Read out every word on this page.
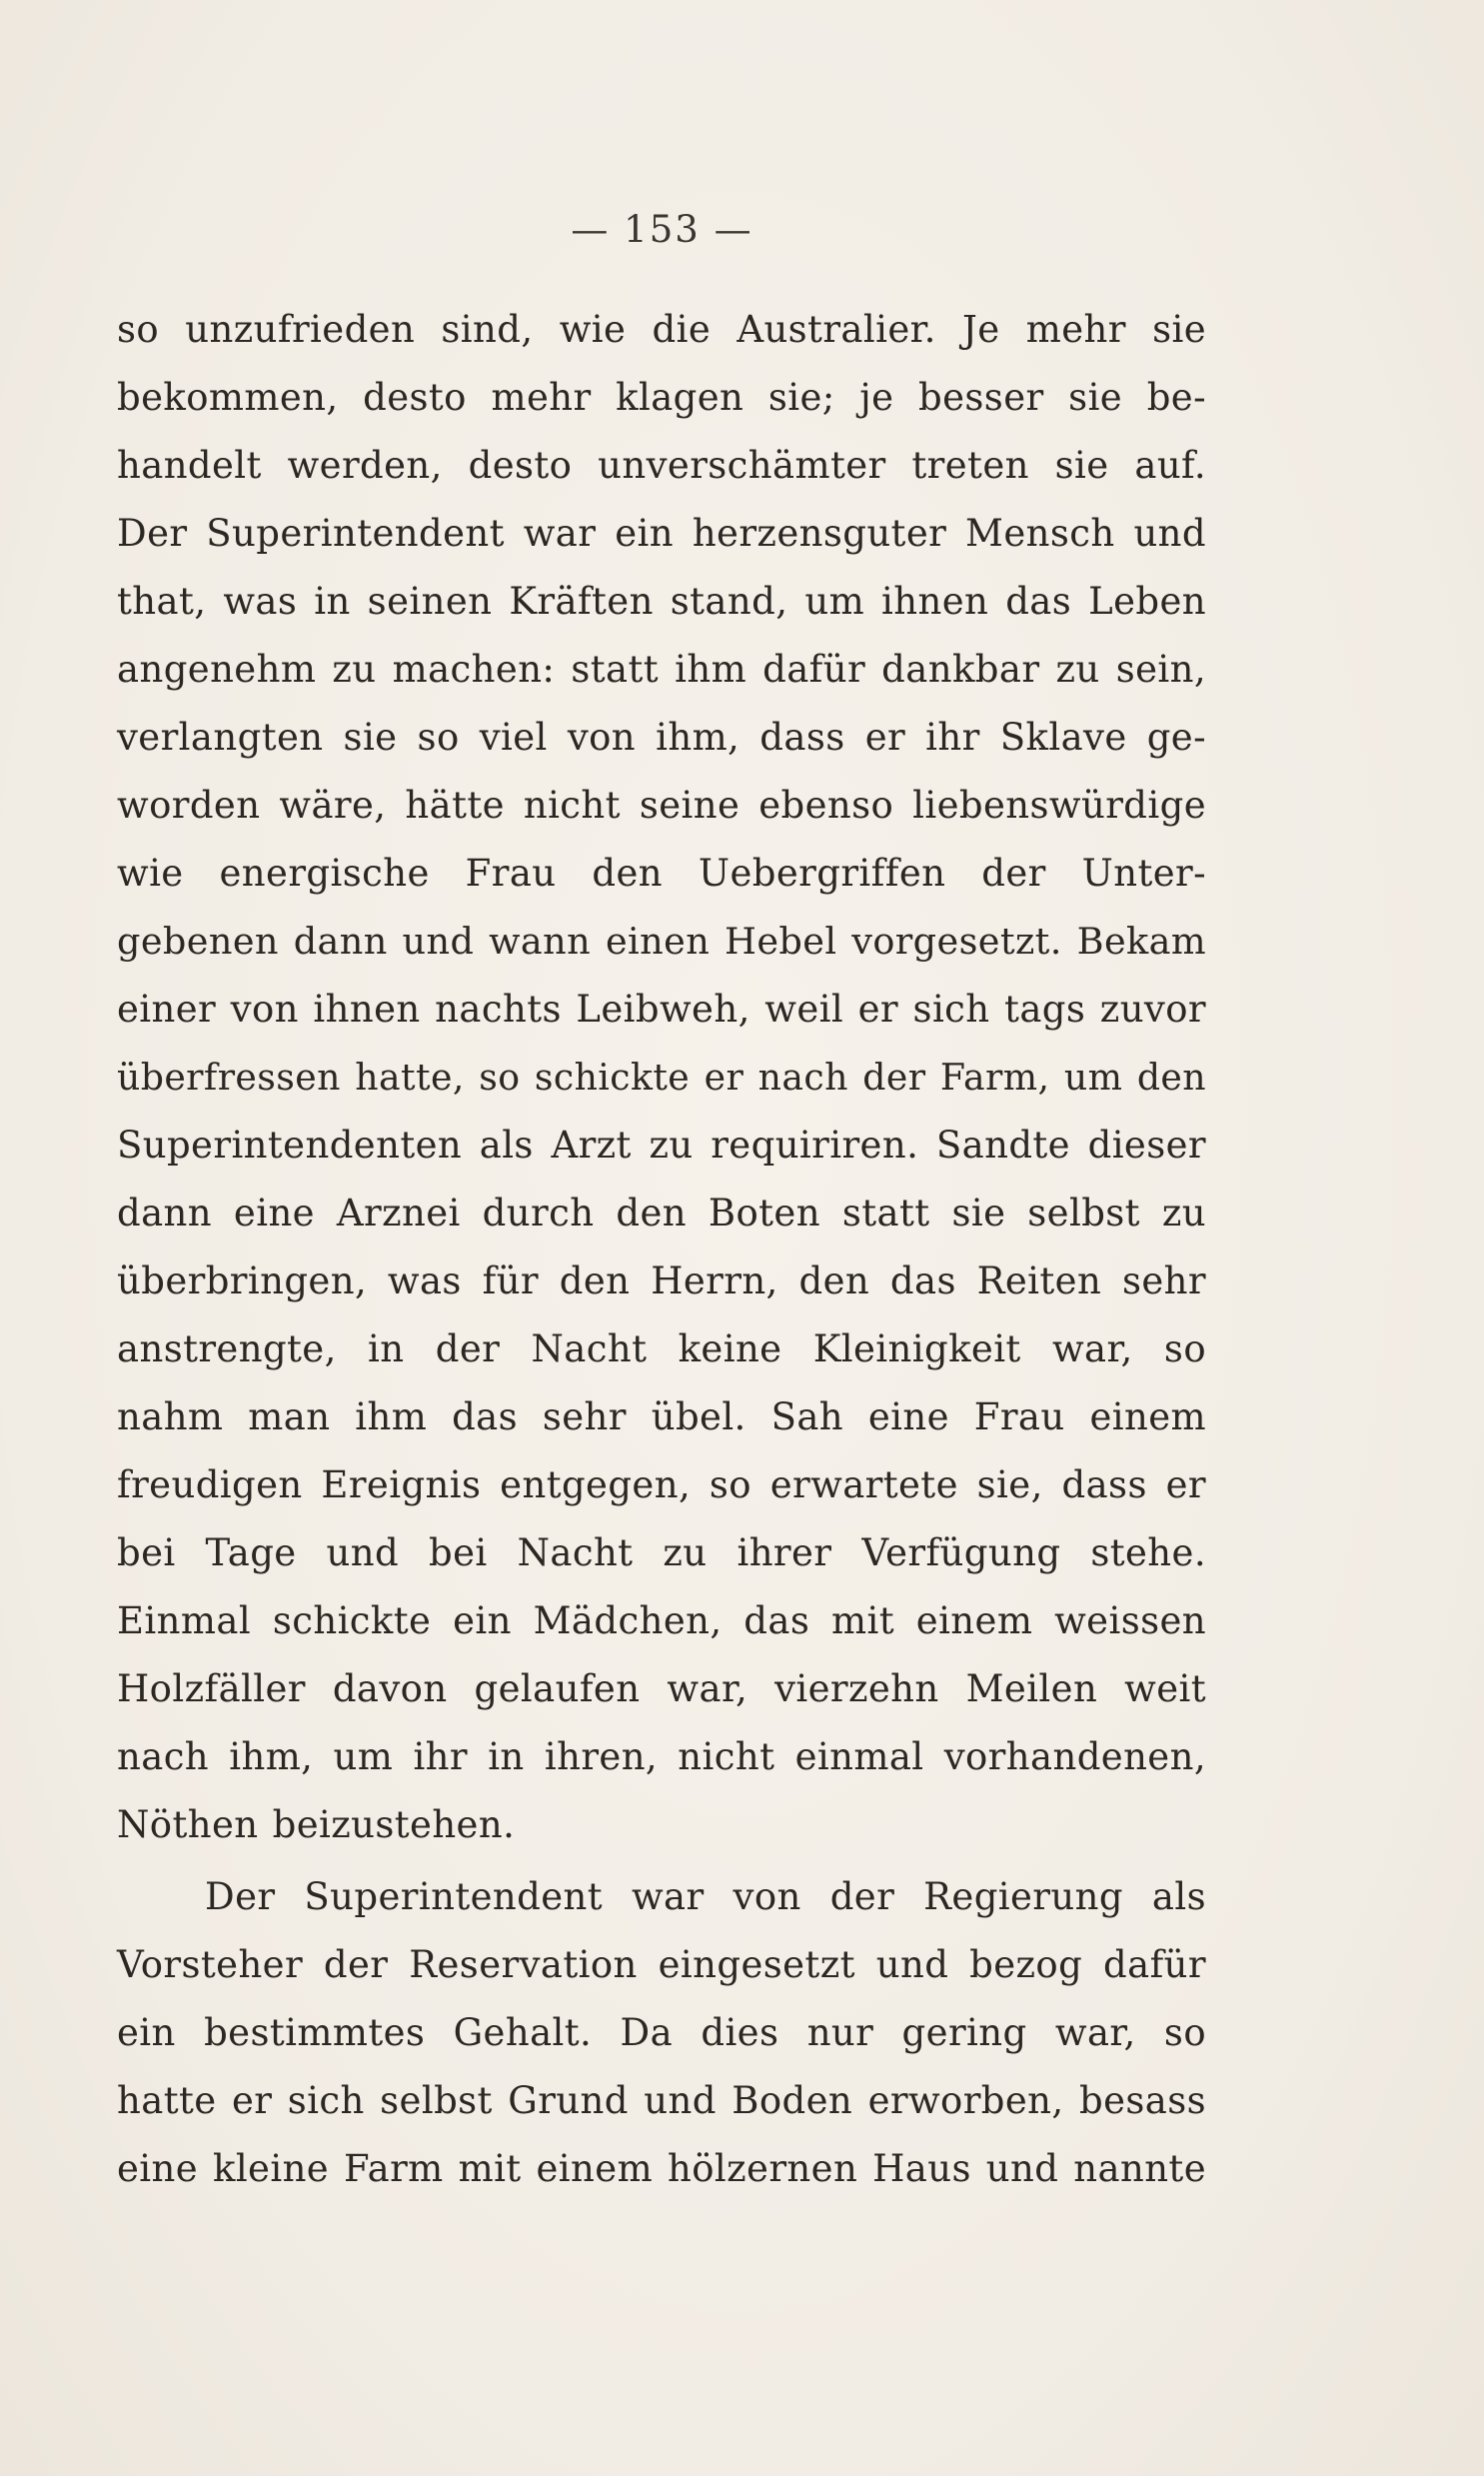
— 153 —
so unzufrieden sind, wie die Australier. Je mehr sie
bekommen, desto mehr klagen sie; je besser sie be-
handelt werden, desto unverschämter treten sie auf.
Der Superintendent war ein herzensguter Mensch und
that, was in seinen Kräften stand, um ihnen das Leben
angenehm zu machen: statt ihm dafür dankbar zu sein,
verlangten sie so viel von ihm, dass er ihr Sklave ge-
worden wäre, hätte nicht seine ebenso liebenswürdige
wie energische Frau den Uebergriffen der Unter-
gebenen dann und wann einen Hebel vorgesetzt. Bekam
einer von ihnen nachts Leibweh, weil er sich tags zuvor
überfressen hatte, so schickte er nach der Farm, um den
Superintendenten als Arzt zu requiriren. Sandte dieser
dann eine Arznei durch den Boten statt sie selbst zu
überbringen, was für den Herrn, den das Reiten sehr
anstrengte, in der Nacht keine Kleinigkeit war, so
nahm man ihm das sehr übel. Sah eine Frau einem
freudigen Ereignis entgegen, so erwartete sie, dass er
bei Tage und bei Nacht zu ihrer Verfügung stehe.
Einmal schickte ein Mädchen, das mit einem weissen
Holzfäller davon gelaufen war, vierzehn Meilen weit
nach ihm, um ihr in ihren, nicht einmal vorhandenen,
Nöthen beizustehen.
Der Superintendent war von der Regierung als
Vorsteher der Reservation eingesetzt und bezog dafür
ein bestimmtes Gehalt. Da dies nur gering war, so
hatte er sich selbst Grund und Boden erworben, besass
eine kleine Farm mit einem hölzernen Haus und nannte
